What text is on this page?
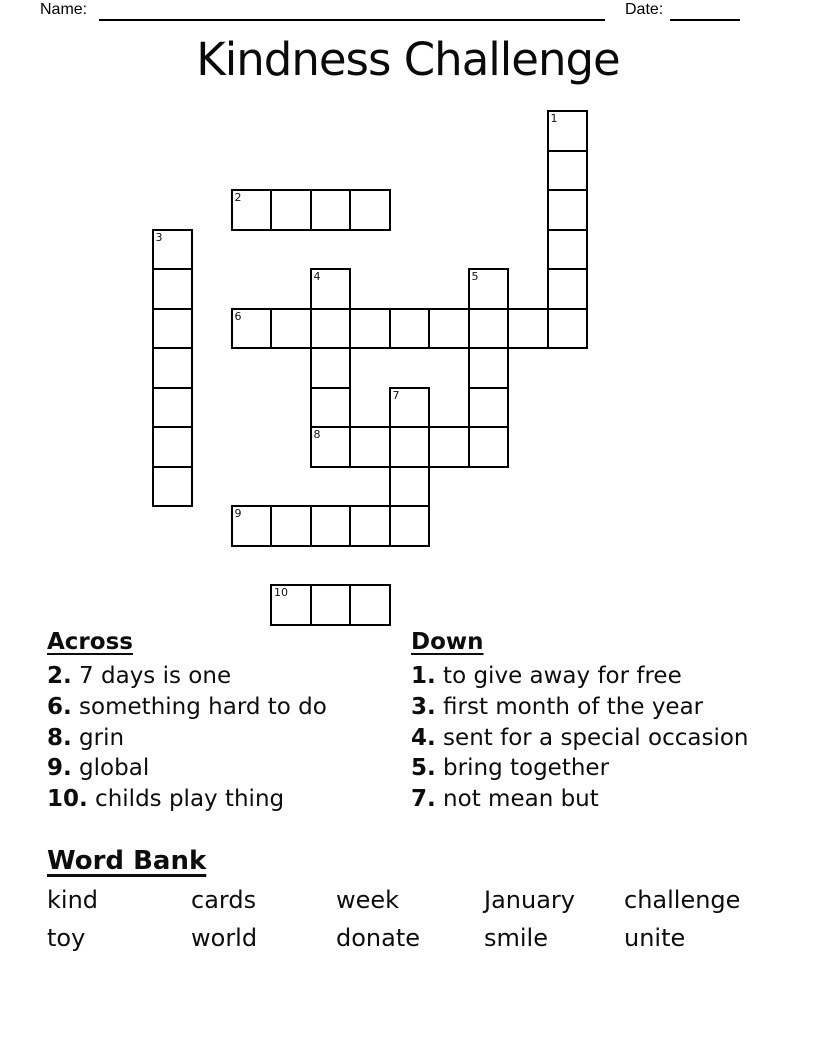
Name:	Date:
Kindness Challenge
1
2
3
4
8
5
6
7
9
10
Across
2. 7 days is one
6. something hard to do
8. grin
9. global
10. childs play thing
Down
1. to give away for free
3. first month of the year
4. sent for a special occasion
5. bring together
7. not mean but
Word Bank
kind	cards	week	January	challenge
toy	world	donate	smile	unite
